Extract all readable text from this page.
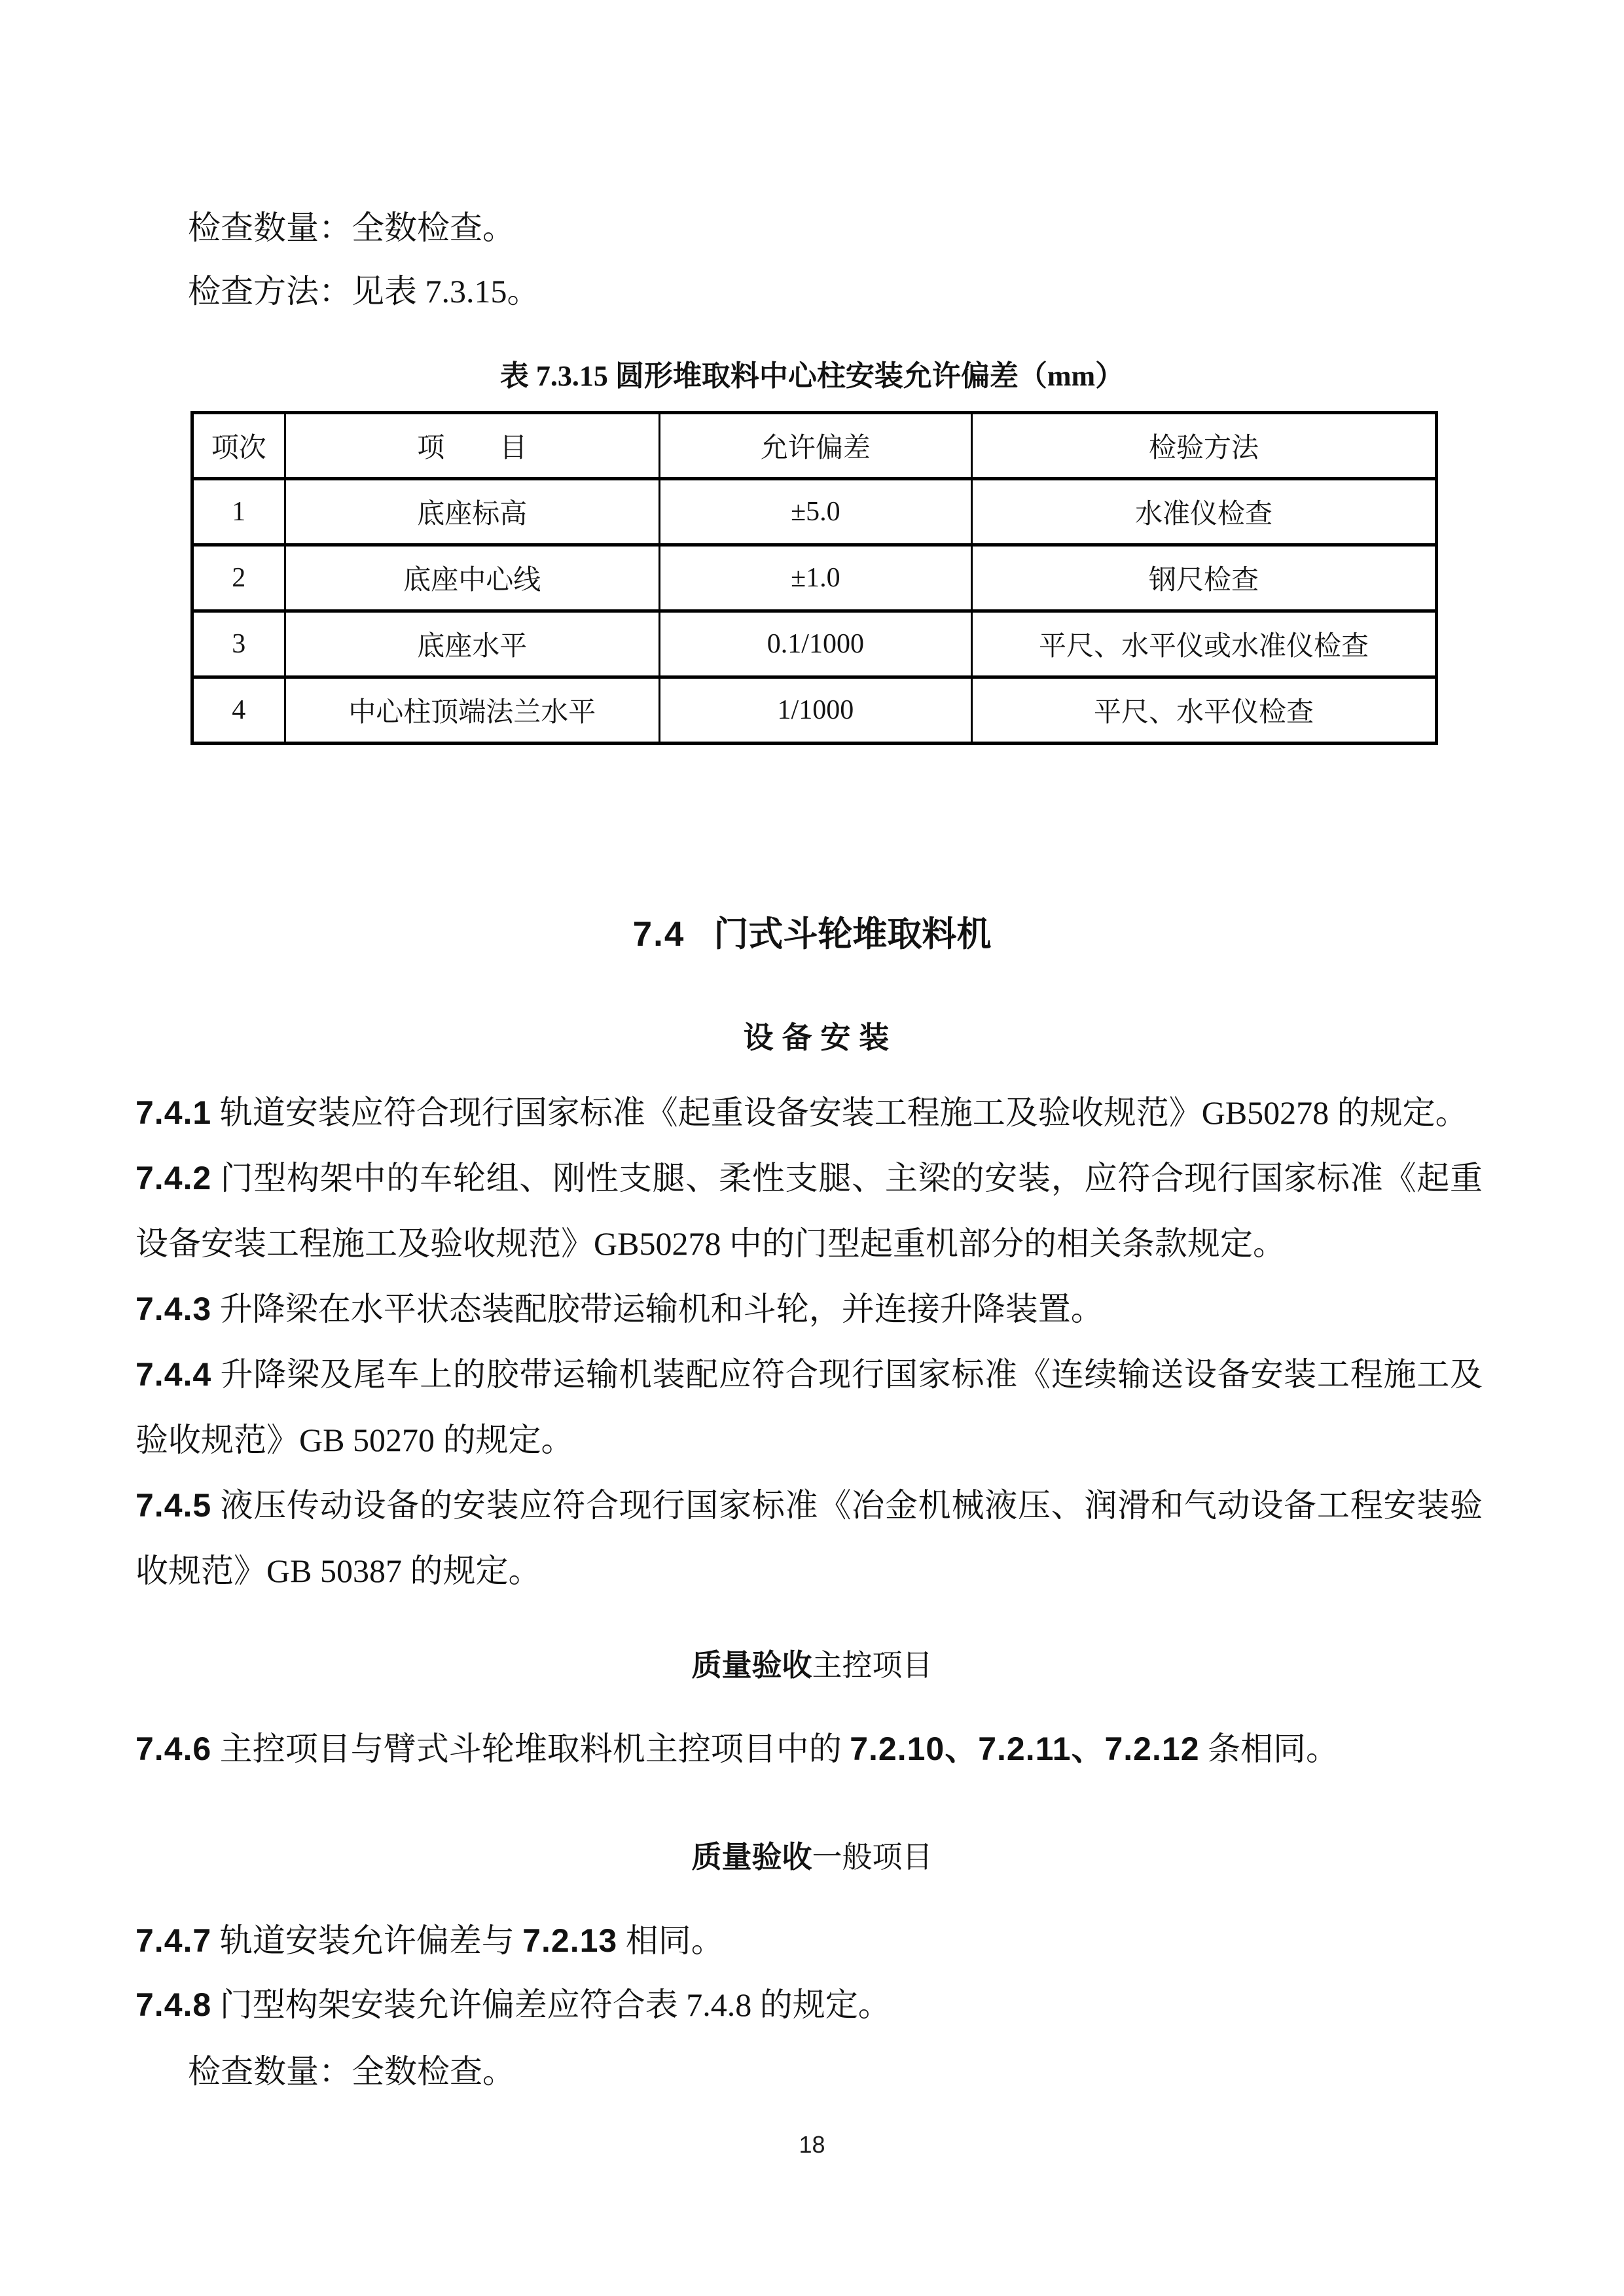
检查数量：全数检查。
检查方法：见表 7.3.15。
表 7.3.15 圆形堆取料中心柱安装允许偏差（mm）
项次	项　　目	允许偏差	检验方法
1	底座标高	±5.0	水准仪检查
2	底座中心线	±1.0	钢尺检查
3	底座水平	0.1/1000	平尺、水平仪或水准仪检查
4	中心柱顶端法兰水平	1/1000	平尺、水平仪检查
7.4 门式斗轮堆取料机
设备安装

7.4.1 轨道安装应符合现行国家标准《起重设备安装工程施工及验收规范》GB50278 的规定。

7.4.2 门型构架中的车轮组、刚性支腿、柔性支腿、主梁的安装，应符合现行国家标准《起重设备安装工程施工及验收规范》GB50278 中的门型起重机部分的相关条款规定。

7.4.3 升降梁在水平状态装配胶带运输机和斗轮，并连接升降装置。

7.4.4 升降梁及尾车上的胶带运输机装配应符合现行国家标准《连续输送设备安装工程施工及验收规范》GB 50270 的规定。

7.4.5 液压传动设备的安装应符合现行国家标准《冶金机械液压、润滑和气动设备工程安装验收规范》GB 50387 的规定。

质量验收主控项目
7.4.6 主控项目与臂式斗轮堆取料机主控项目中的 7.2.10、7.2.11、7.2.12 条相同。
质量验收一般项目
7.4.7 轨道安装允许偏差与 7.2.13 相同。
7.4.8 门型构架安装允许偏差应符合表 7.4.8 的规定。
检查数量：全数检查。
18
